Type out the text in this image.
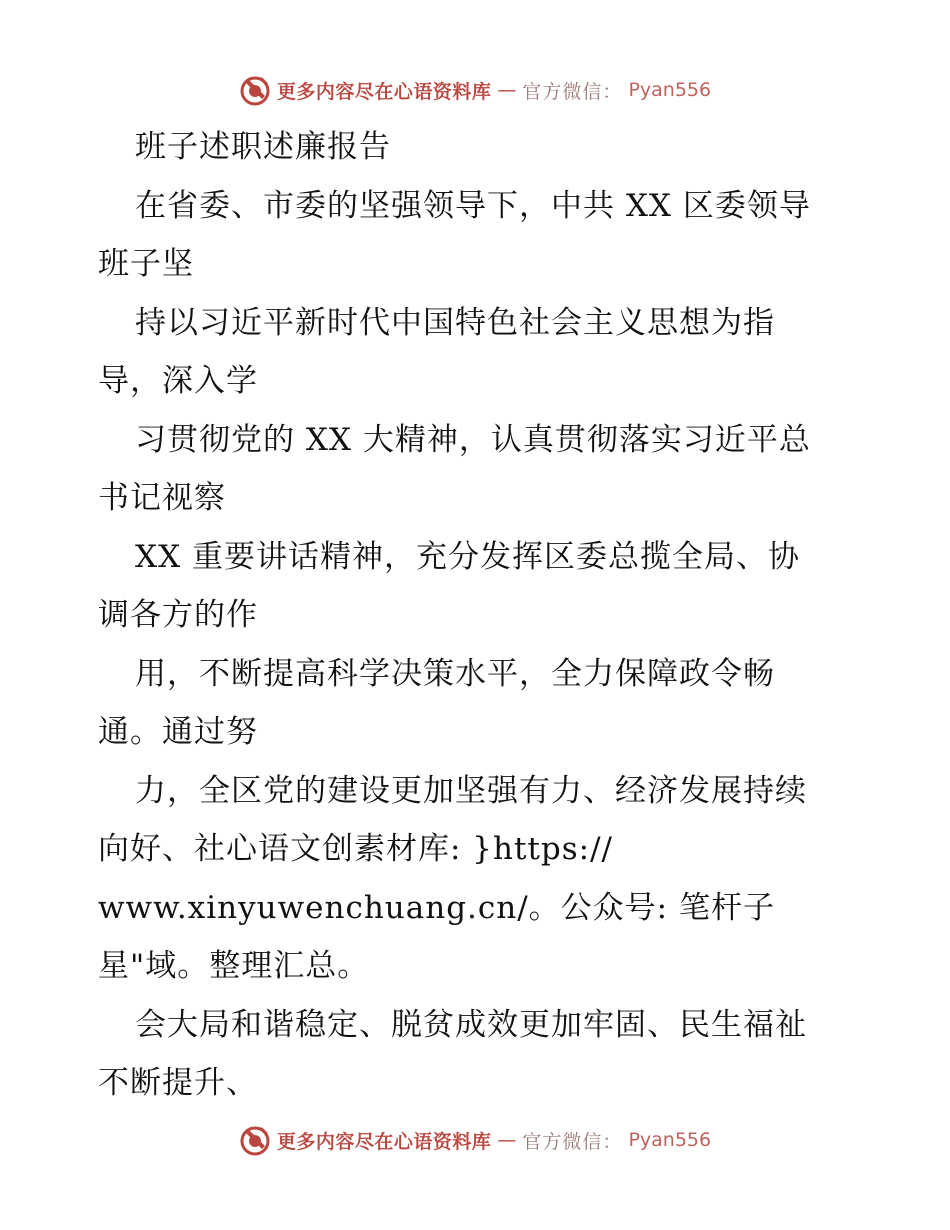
更多内容尽在心语资料库 — 官方微信： Pyan556
班子述职述廉报告
在省委、市委的坚强领导下，中共 XX 区委领导
班子坚
持以习近平新时代中国特色社会主义思想为指
导，深入学
习贯彻党的 XX 大精神，认真贯彻落实习近平总
书记视察
XX 重要讲话精神，充分发挥区委总揽全局、协
调各方的作
用，不断提高科学决策水平，全力保障政令畅
通。通过努
力，全区党的建设更加坚强有力、经济发展持续
向好、社心语文创素材库: }https://
www.xinyuwenchuang.cn/。公众号: 笔杆子
星"域。整理汇总。
会大局和谐稳定、脱贫成效更加牢固、民生福祉
不断提升、
更多内容尽在心语资料库 — 官方微信： Pyan556
